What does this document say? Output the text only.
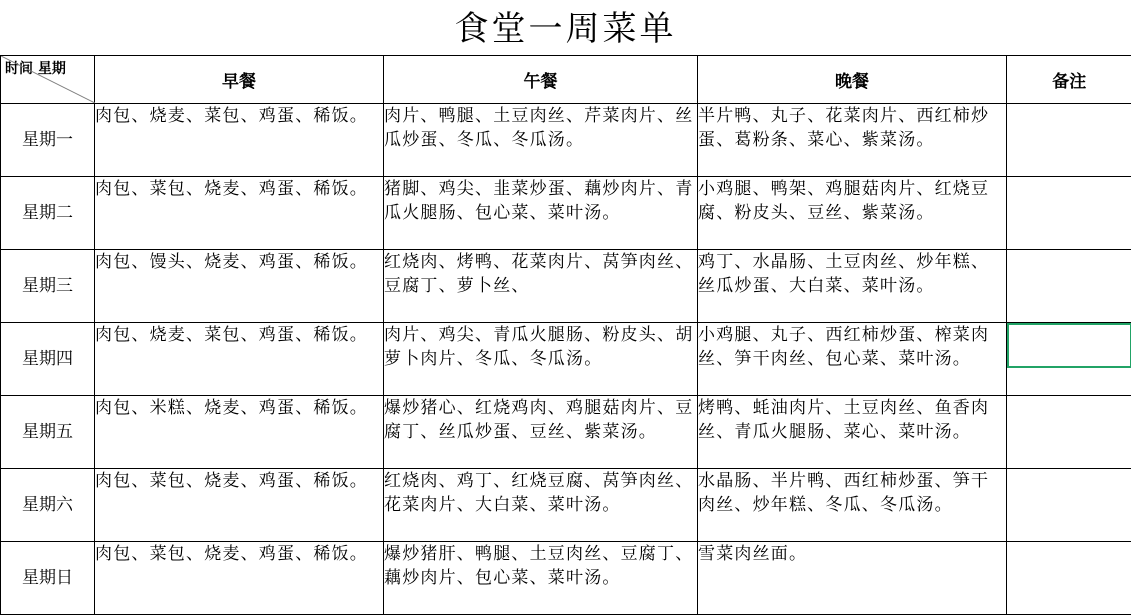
食堂一周菜单
时间 星期	早餐	午餐	晚餐	备注
星期一	肉包、烧麦、菜包、鸡蛋、稀饭。	肉片、鸭腿、土豆肉丝、芹菜肉片、丝瓜炒蛋、冬瓜、冬瓜汤。	半片鸭、丸子、花菜肉片、西红柿炒蛋、葛粉条、菜心、紫菜汤。	
星期二	肉包、菜包、烧麦、鸡蛋、稀饭。	猪脚、鸡尖、韭菜炒蛋、藕炒肉片、青瓜火腿肠、包心菜、菜叶汤。	小鸡腿、鸭架、鸡腿菇肉片、红烧豆腐、粉皮头、豆丝、紫菜汤。	
星期三	肉包、馒头、烧麦、鸡蛋、稀饭。	红烧肉、烤鸭、花菜肉片、莴笋肉丝、豆腐丁、萝卜丝、	鸡丁、水晶肠、土豆肉丝、炒年糕、丝瓜炒蛋、大白菜、菜叶汤。	
星期四	肉包、烧麦、菜包、鸡蛋、稀饭。	肉片、鸡尖、青瓜火腿肠、粉皮头、胡萝卜肉片、冬瓜、冬瓜汤。	小鸡腿、丸子、西红柿炒蛋、榨菜肉丝、笋干肉丝、包心菜、菜叶汤。	

星期五	肉包、米糕、烧麦、鸡蛋、稀饭。	爆炒猪心、红烧鸡肉、鸡腿菇肉片、豆腐丁、丝瓜炒蛋、豆丝、紫菜汤。	烤鸭、蚝油肉片、土豆肉丝、鱼香肉丝、青瓜火腿肠、菜心、菜叶汤。	
星期六	肉包、菜包、烧麦、鸡蛋、稀饭。	红烧肉、鸡丁、红烧豆腐、莴笋肉丝、花菜肉片、大白菜、菜叶汤。	水晶肠、半片鸭、西红柿炒蛋、笋干肉丝、炒年糕、冬瓜、冬瓜汤。	
星期日	肉包、菜包、烧麦、鸡蛋、稀饭。	爆炒猪肝、鸭腿、土豆肉丝、豆腐丁、藕炒肉片、包心菜、菜叶汤。	雪菜肉丝面。	
